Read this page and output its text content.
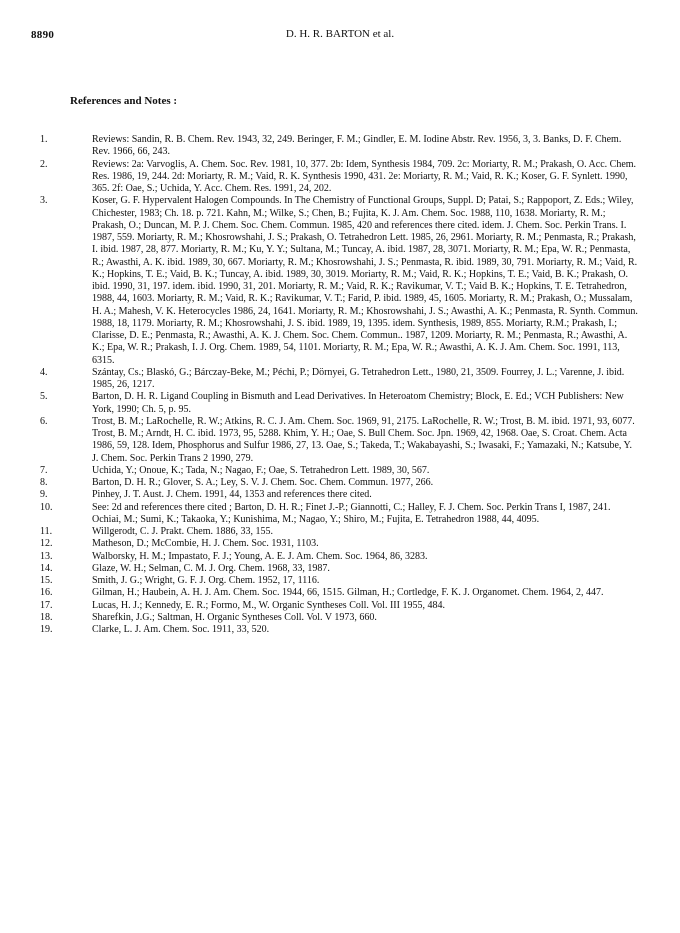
8890	D. H. R. BARTON et al.
References and Notes :
1.	Reviews: Sandin, R. B. Chem. Rev. 1943, 32, 249. Beringer, F. M.; Gindler, E. M. Iodine Abstr. Rev. 1956, 3, 3. Banks, D. F. Chem. Rev. 1966, 66, 243.
2.	Reviews: 2a: Varvoglis, A. Chem. Soc. Rev. 1981, 10, 377. 2b: Idem, Synthesis 1984, 709. 2c: Moriarty, R. M.; Prakash, O. Acc. Chem. Res. 1986, 19, 244. 2d: Moriarty, R. M.; Vaid, R. K. Synthesis 1990, 431. 2e: Moriarty, R. M.; Vaid, R. K.; Koser, G. F. Synlett. 1990, 365. 2f: Oae, S.; Uchida, Y. Acc. Chem. Res. 1991, 24, 202.
3.	Koser, G. F. Hypervalent Halogen Compounds. In The Chemistry of Functional Groups, Suppl. D; Patai, S.; Rappoport, Z. Eds.; Wiley, Chichester, 1983; Ch. 18. p. 721. Kahn, M.; Wilke, S.; Chen, B.; Fujita, K. J. Am. Chem. Soc. 1988, 110, 1638. Moriarty, R. M.; Prakash, O.; Duncan, M. P. J. Chem. Soc. Chem. Commun. 1985, 420 and references there cited. idem. J. Chem. Soc. Perkin Trans. I. 1987, 559. Moriarty, R. M.; Khosrowshahi, J. S.; Prakash, O. Tetrahedron Lett. 1985, 26, 2961. Moriarty, R. M.; Penmasta, R.; Prakash, I. ibid. 1987, 28, 877. Moriarty, R. M.; Ku, Y. Y.; Sultana, M.; Tuncay, A. ibid. 1987, 28, 3071. Moriarty, R. M.; Epa, W. R.; Penmasta, R.; Awasthi, A. K. ibid. 1989, 30, 667. Moriarty, R. M.; Khosrowshahi, J. S.; Penmasta, R. ibid. 1989, 30, 791. Moriarty, R. M.; Vaid, R. K.; Hopkins, T. E.; Vaid, B. K.; Tuncay, A. ibid. 1989, 30, 3019. Moriarty, R. M.; Vaid, R. K.; Hopkins, T. E.; Vaid, B. K.; Prakash, O. ibid. 1990, 31, 197. idem. ibid. 1990, 31, 201. Moriarty, R. M.; Vaid, R. K.; Ravikumar, V. T.; Vaid B. K.; Hopkins, T. E. Tetrahedron, 1988, 44, 1603. Moriarty, R. M.; Vaid, R. K.; Ravikumar, V. T.; Farid, P. ibid. 1989, 45, 1605. Moriarty, R. M.; Prakash, O.; Mussalam, H. A.; Mahesh, V. K. Heterocycles 1986, 24, 1641. Moriarty, R. M.; Khosrowshahi, J. S.; Awasthi, A. K.; Penmasta, R. Synth. Commun. 1988, 18, 1179. Moriarty, R. M.; Khosrowshahi, J. S. ibid. 1989, 19, 1395. idem. Synthesis, 1989, 855. Moriarty, R.M.; Prakash, I.; Clarisse, D. E.; Penmasta, R.; Awasthi, A. K. J. Chem. Soc. Chem. Commun.. 1987, 1209. Moriarty, R. M.; Penmasta, R.; Awasthi, A. K.; Epa, W. R.; Prakash, I. J. Org. Chem. 1989, 54, 1101. Moriarty, R. M.; Epa, W. R.; Awasthi, A. K. J. Am. Chem. Soc. 1991, 113, 6315.
4.	Szántay, Cs.; Blaskó, G.; Bárczay-Beke, M.; Péchi, P.; Dörnyei, G. Tetrahedron Lett., 1980, 21, 3509. Fourrey, J. L.; Varenne, J. ibid. 1985, 26, 1217.
5.	Barton, D. H. R. Ligand Coupling in Bismuth and Lead Derivatives. In Heteroatom Chemistry; Block, E. Ed.; VCH Publishers: New York, 1990; Ch. 5, p. 95.
6.	Trost, B. M.; LaRochelle, R. W.; Atkins, R. C. J. Am. Chem. Soc. 1969, 91, 2175. LaRochelle, R. W.; Trost, B. M. ibid. 1971, 93, 6077. Trost, B. M.; Arndt, H. C. ibid. 1973, 95, 5288. Khim, Y. H.; Oae, S. Bull Chem. Soc. Jpn. 1969, 42, 1968. Oae, S. Croat. Chem. Acta 1986, 59, 128. Idem, Phosphorus and Sulfur 1986, 27, 13. Oae, S.; Takeda, T.; Wakabayashi, S.; Iwasaki, F.; Yamazaki, N.; Katsube, Y. J. Chem. Soc. Perkin Trans 2 1990, 279.
7.	Uchida, Y.; Onoue, K.; Tada, N.; Nagao, F.; Oae, S. Tetrahedron Lett. 1989, 30, 567.
8.	Barton, D. H. R.; Glover, S. A.; Ley, S. V. J. Chem. Soc. Chem. Commun. 1977, 266.
9.	Pinhey, J. T. Aust. J. Chem. 1991, 44, 1353 and references there cited.
10.	See: 2d and references there cited ; Barton, D. H. R.; Finet J.-P.; Giannotti, C.; Halley, F. J. Chem. Soc. Perkin Trans I, 1987, 241. Ochiai, M.; Sumi, K.; Takaoka, Y.; Kunishima, M.; Nagao, Y.; Shiro, M.; Fujita, E. Tetrahedron 1988, 44, 4095.
11.	Willgerodt, C. J. Prakt. Chem. 1886, 33, 155.
12.	Matheson, D.; McCombie, H. J. Chem. Soc. 1931, 1103.
13.	Walborsky, H. M.; Impastato, F. J.; Young, A. E. J. Am. Chem. Soc. 1964, 86, 3283.
14.	Glaze, W. H.; Selman, C. M. J. Org. Chem. 1968, 33, 1987.
15.	Smith, J. G.; Wright, G. F. J. Org. Chem. 1952, 17, 1116.
16.	Gilman, H.; Haubein, A. H. J. Am. Chem. Soc. 1944, 66, 1515. Gilman, H.; Cortledge, F. K. J. Organomet. Chem. 1964, 2, 447.
17.	Lucas, H. J.; Kennedy, E. R.; Formo, M., W. Organic Syntheses Coll. Vol. III 1955, 484.
18.	Sharefkin, J.G.; Saltman, H. Organic Syntheses Coll. Vol. V 1973, 660.
19.	Clarke, L. J. Am. Chem. Soc. 1911, 33, 520.
